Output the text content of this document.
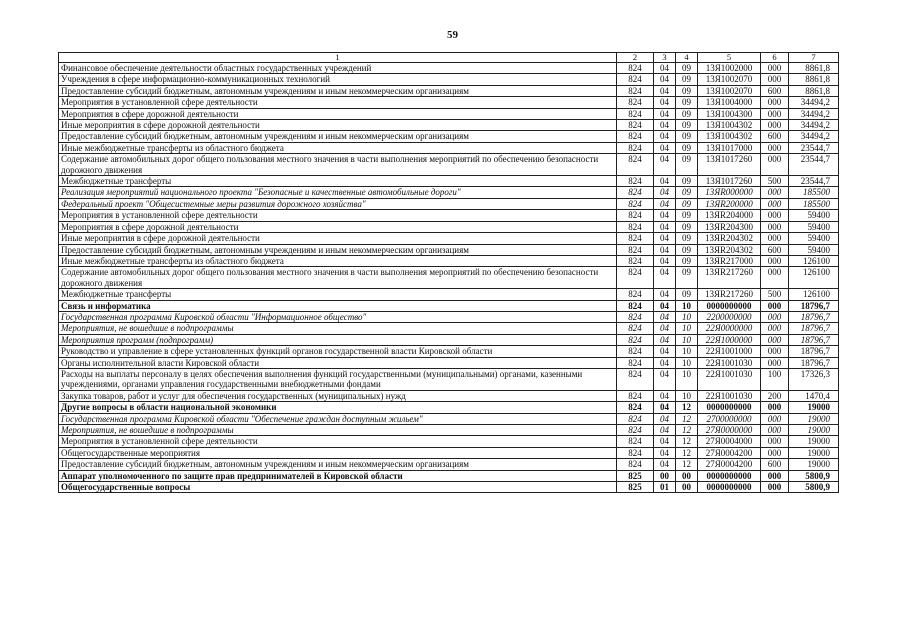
59
1	2	3	4	5	6	7
Финансовое обеспечение деятельности областных государственных учреждений	824	04	09	13Я1002000	000	8861,8
Учреждения в сфере информационно-коммуникационных технологий	824	04	09	13Я1002070	000	8861,8
Предоставление субсидий бюджетным, автономным учреждениям и иным некоммерческим организациям	824	04	09	13Я1002070	600	8861,8
Мероприятия в установленной сфере деятельности	824	04	09	13Я1004000	000	34494,2
Мероприятия в сфере дорожной деятельности	824	04	09	13Я1004300	000	34494,2
Иные мероприятия в сфере дорожной деятельности	824	04	09	13Я1004302	000	34494,2
Предоставление субсидий бюджетным, автономным учреждениям и иным некоммерческим организациям	824	04	09	13Я1004302	600	34494,2
Иные межбюджетные трансферты из областного бюджета	824	04	09	13Я1017000	000	23544,7
Содержание автомобильных дорог общего пользования местного значения в части выполнения мероприятий по обеспечению безопасности дорожного движения	824	04	09	13Я1017260	000	23544,7
Межбюджетные трансферты	824	04	09	13Я1017260	500	23544,7
Реализация мероприятий национального проекта "Безопасные и качественные автомобильные дороги"	824	04	09	13ЯR000000	000	185500
Федеральный проект "Общесистемные меры развития дорожного хозяйства"	824	04	09	13ЯR200000	000	185500
Мероприятия в установленной сфере деятельности	824	04	09	13ЯR204000	000	59400
Мероприятия в сфере дорожной деятельности	824	04	09	13ЯR204300	000	59400
Иные мероприятия в сфере дорожной деятельности	824	04	09	13ЯR204302	000	59400
Предоставление субсидий бюджетным, автономным учреждениям и иным некоммерческим организациям	824	04	09	13ЯR204302	600	59400
Иные межбюджетные трансферты из областного бюджета	824	04	09	13ЯR217000	000	126100
Содержание автомобильных дорог общего пользования местного значения в части выполнения мероприятий по обеспечению безопасности дорожного движения	824	04	09	13ЯR217260	000	126100
Межбюджетные трансферты	824	04	09	13ЯR217260	500	126100
Связь и информатика	824	04	10	0000000000	000	18796,7
Государственная программа Кировской области "Информационное общество"	824	04	10	2200000000	000	18796,7
Мероприятия, не вошедшие в подпрограммы	824	04	10	22Я0000000	000	18796,7
Мероприятия программ (подпрограмм)	824	04	10	22Я1000000	000	18796,7
Руководство и управление в сфере установленных функций органов государственной власти Кировской области	824	04	10	22Я1001000	000	18796,7
Органы исполнительной власти Кировской области	824	04	10	22Я1001030	000	18796,7
Расходы на выплаты персоналу в целях обеспечения выполнения функций государственными (муниципальными) органами, казенными учреждениями, органами управления государственными внебюджетными фондами	824	04	10	22Я1001030	100	17326,3
Закупка товаров, работ и услуг для обеспечения государственных (муниципальных) нужд	824	04	10	22Я1001030	200	1470,4
Другие вопросы в области национальной экономики	824	04	12	0000000000	000	19000
Государственная программа Кировской области "Обеспечение граждан доступным жильем"	824	04	12	2700000000	000	19000
Мероприятия, не вошедшие в подпрограммы	824	04	12	27Я0000000	000	19000
Мероприятия в установленной сфере деятельности	824	04	12	27Я0004000	000	19000
Общегосударственные мероприятия	824	04	12	27Я0004200	000	19000
Предоставление субсидий бюджетным, автономным учреждениям и иным некоммерческим организациям	824	04	12	27Я0004200	600	19000
Аппарат уполномоченного по защите прав предпринимателей в Кировской области	825	00	00	0000000000	000	5800,9
Общегосударственные вопросы	825	01	00	0000000000	000	5800,9
